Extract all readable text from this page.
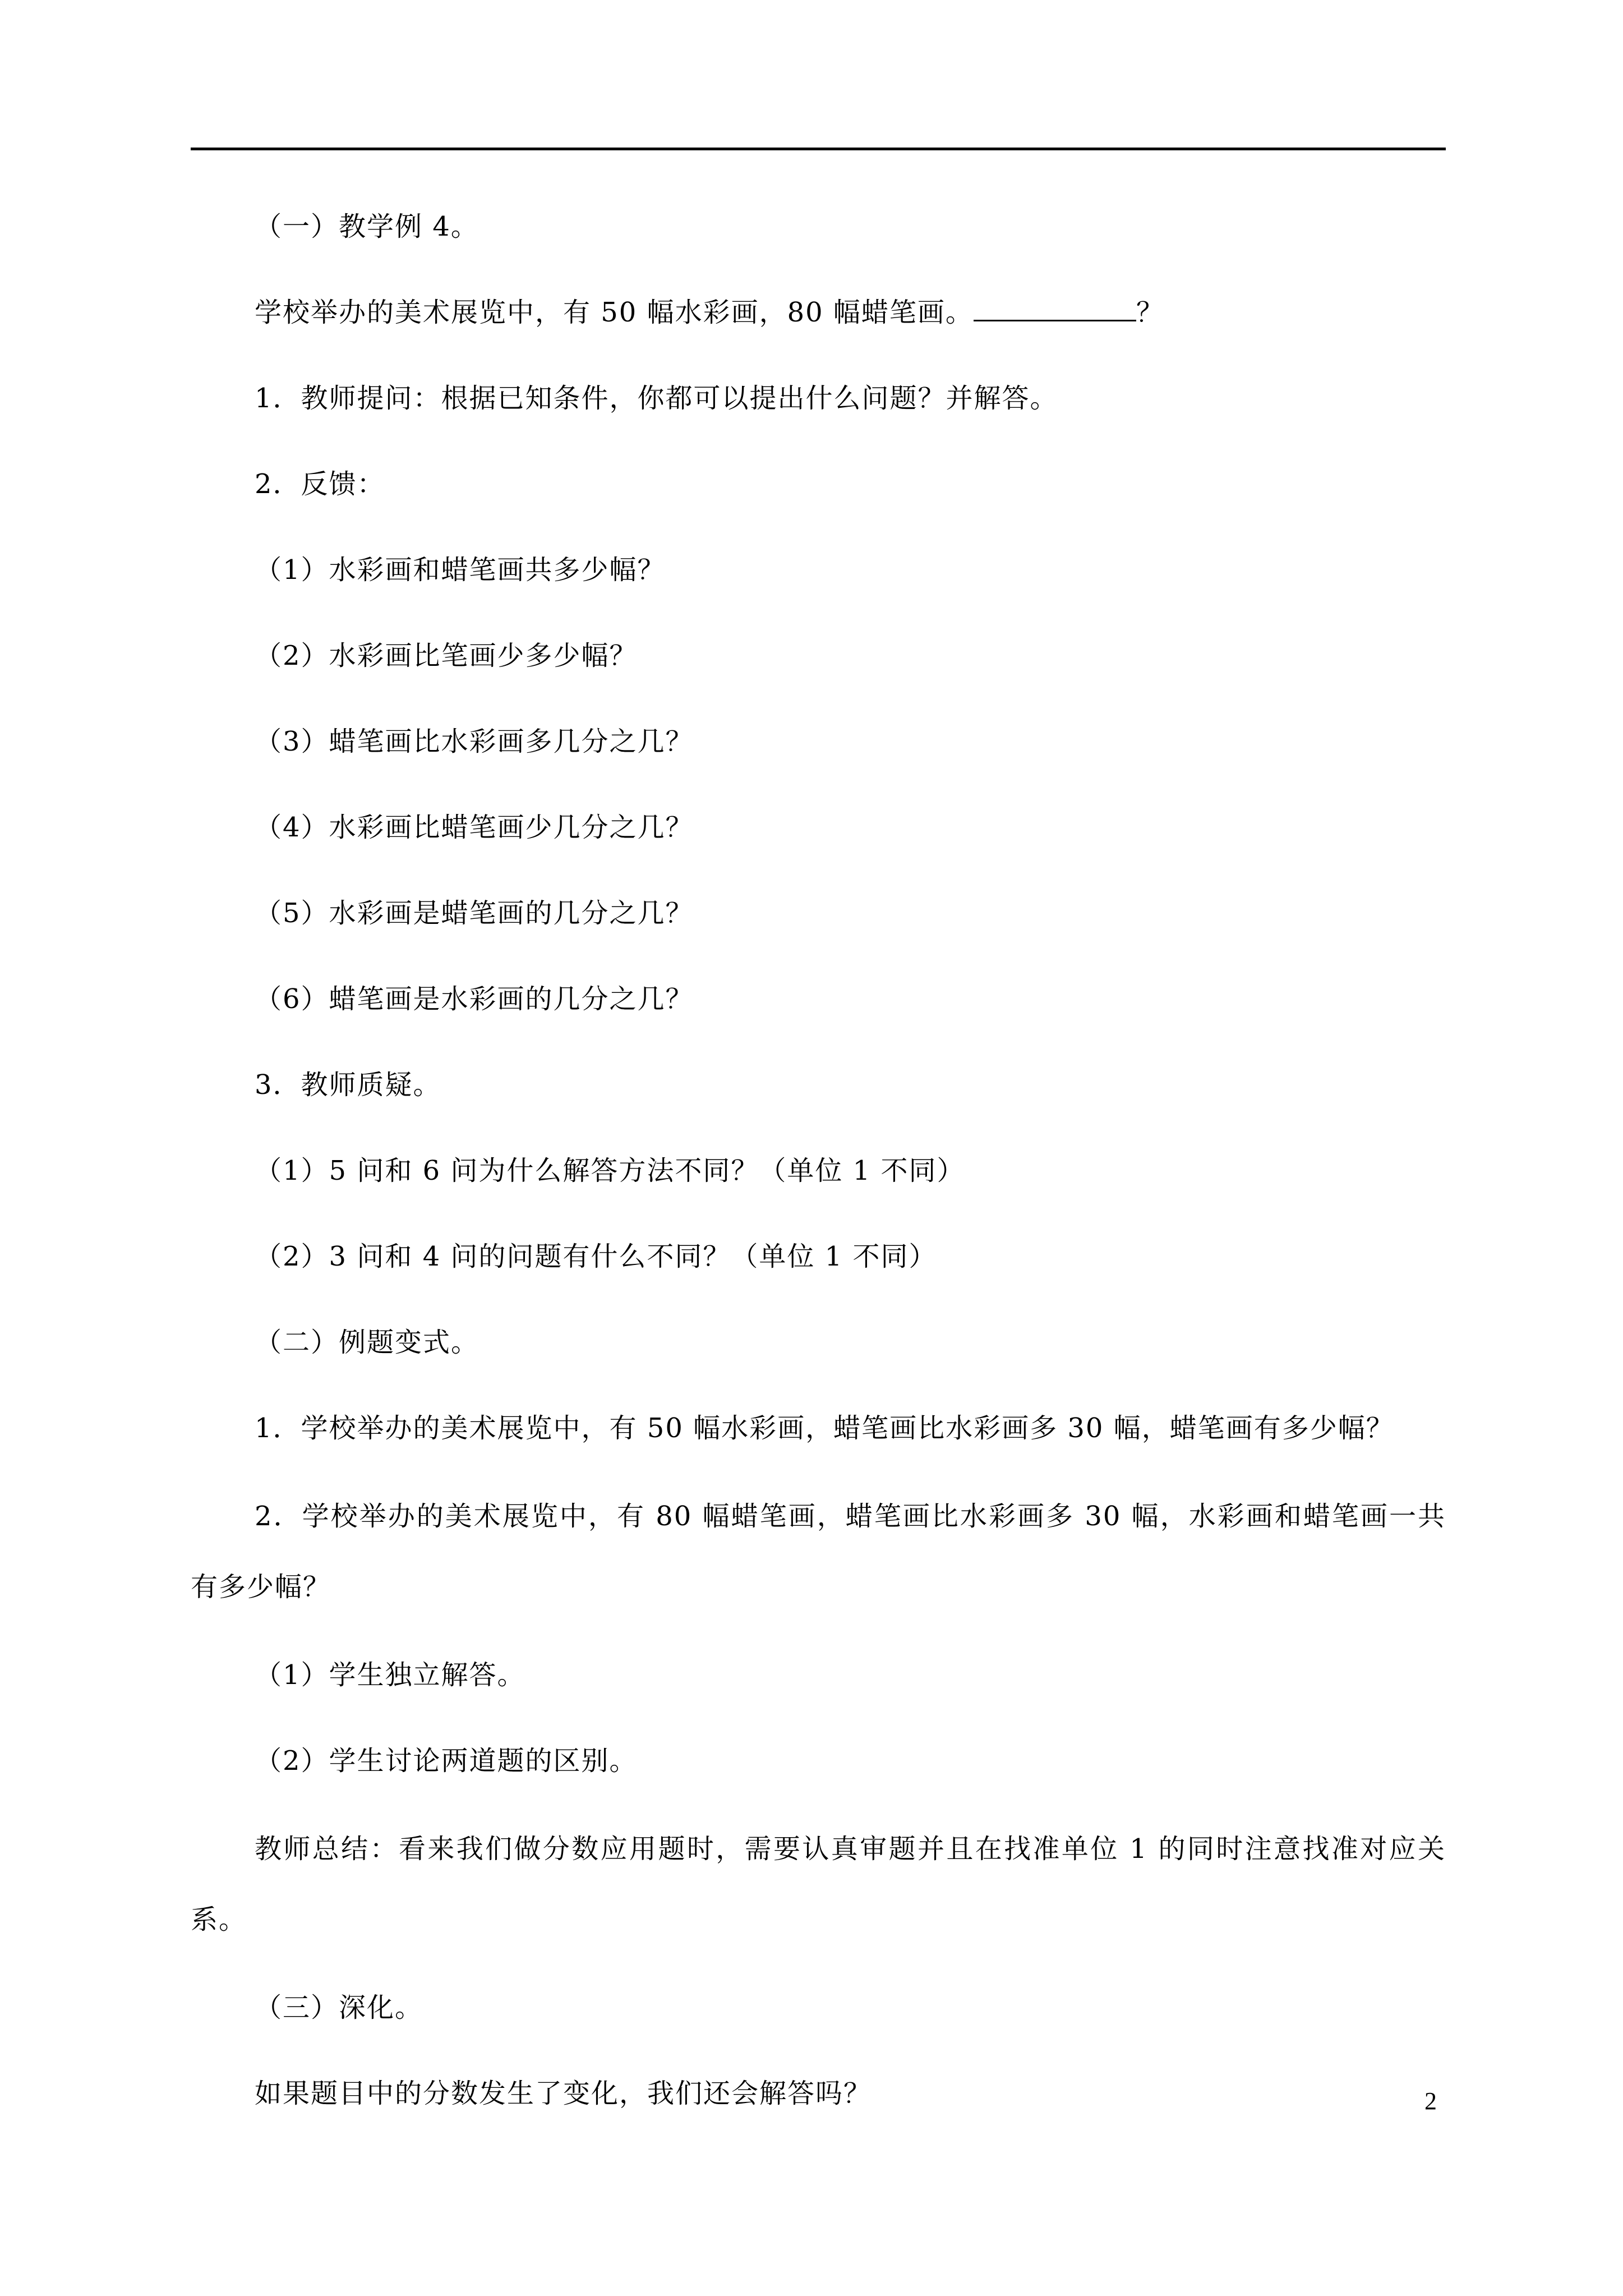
（一）教学例 4。

学校举办的美术展览中，有 50 幅水彩画，80 幅蜡笔画。	？

1．教师提问：根据已知条件，你都可以提出什么问题？并解答。

2．反馈：

（1）水彩画和蜡笔画共多少幅？

（2）水彩画比笔画少多少幅？

（3）蜡笔画比水彩画多几分之几？

（4）水彩画比蜡笔画少几分之几？

（5）水彩画是蜡笔画的几分之几？

（6）蜡笔画是水彩画的几分之几？

3．教师质疑。

（1）5 问和 6 问为什么解答方法不同？（单位 1 不同）

（2）3 问和 4 问的问题有什么不同？（单位 1 不同）

（二）例题变式。

1．学校举办的美术展览中，有 50 幅水彩画，蜡笔画比水彩画多 30 幅，蜡笔画有多少幅？

2．学校举办的美术展览中，有 80 幅蜡笔画，蜡笔画比水彩画多 30 幅，水彩画和蜡笔画一共有多少幅？

（1）学生独立解答。

（2）学生讨论两道题的区别。

教师总结：看来我们做分数应用题时，需要认真审题并且在找准单位 1 的同时注意找准对应关系。

（三）深化。

如果题目中的分数发生了变化，我们还会解答吗？	2
